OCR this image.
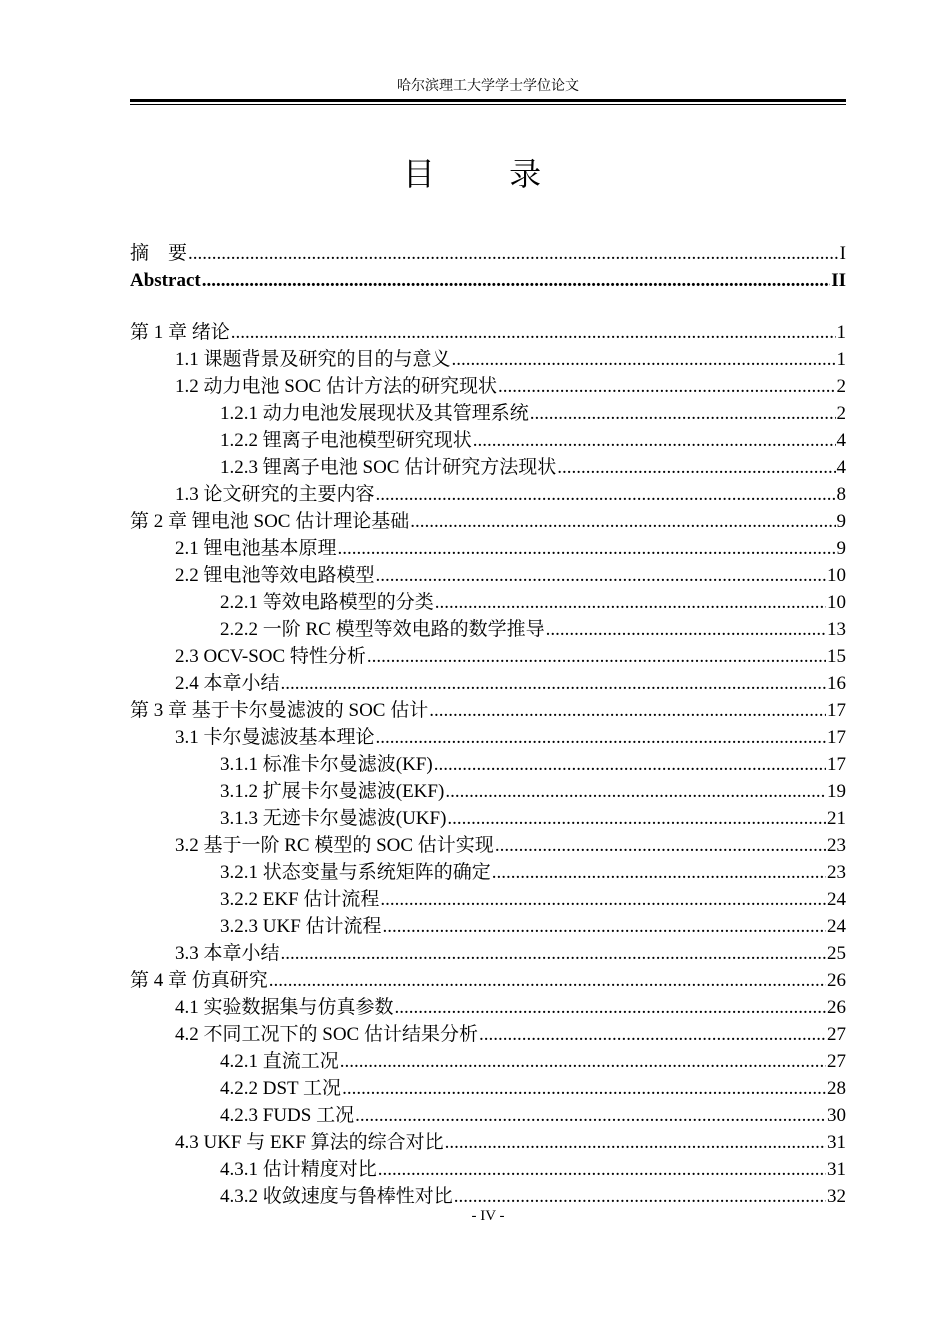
哈尔滨理工大学学士学位论文
目 录
摘　要 .....	I
Abstract .....	II
第 1 章 绪论 .....	1
1.1 课题背景及研究的目的与意义 .....	1
1.2 动力电池 SOC 估计方法的研究现状 .....	2
1.2.1 动力电池发展现状及其管理系统 .....	2
1.2.2 锂离子电池模型研究现状 .....	4
1.2.3 锂离子电池 SOC 估计研究方法现状 .....	4
1.3 论文研究的主要内容 .....	8
第 2 章 锂电池 SOC 估计理论基础 .....	9
2.1 锂电池基本原理 .....	9
2.2 锂电池等效电路模型 .....	10
2.2.1 等效电路模型的分类 .....	10
2.2.2 一阶 RC 模型等效电路的数学推导 .....	13
2.3 OCV-SOC 特性分析 .....	15
2.4 本章小结 .....	16
第 3 章 基于卡尔曼滤波的 SOC 估计 .....	17
3.1 卡尔曼滤波基本理论 .....	17
3.1.1 标准卡尔曼滤波(KF) .....	17
3.1.2 扩展卡尔曼滤波(EKF) .....	19
3.1.3 无迹卡尔曼滤波(UKF) .....	21
3.2 基于一阶 RC 模型的 SOC 估计实现 .....	23
3.2.1 状态变量与系统矩阵的确定 .....	23
3.2.2 EKF 估计流程 .....	24
3.2.3 UKF 估计流程 .....	24
3.3 本章小结 .....	25
第 4 章 仿真研究 .....	26
4.1 实验数据集与仿真参数 .....	26
4.2 不同工况下的 SOC 估计结果分析 .....	27
4.2.1 直流工况 .....	27
4.2.2 DST 工况 .....	28
4.2.3 FUDS 工况 .....	30
4.3 UKF 与 EKF 算法的综合对比 .....	31
4.3.1 估计精度对比 .....	31
4.3.2 收敛速度与鲁棒性对比 .....	32
- IV -
